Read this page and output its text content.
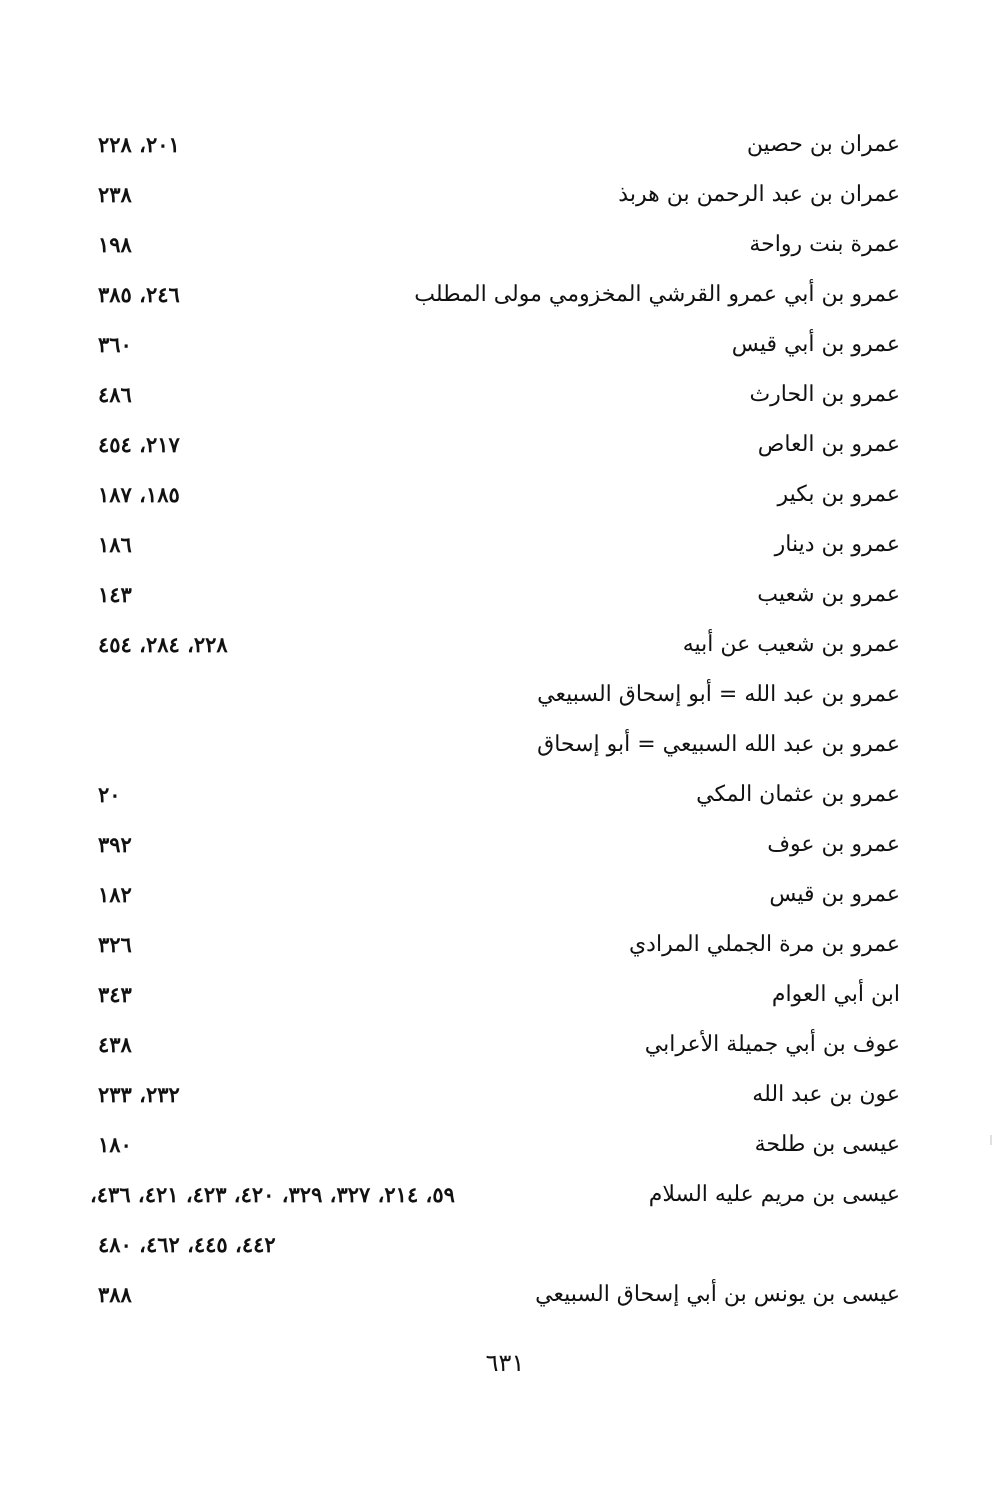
عمران بن حصين
٢٠١، ٢٢٨
عمران بن عبد الرحمن بن هربذ
٢٣٨
عمرة بنت رواحة
١٩٨
عمرو بن أبي عمرو القرشي المخزومي مولى المطلب
٢٤٦، ٣٨٥
عمرو بن أبي قيس
٣٦٠
عمرو بن الحارث
٤٨٦
عمرو بن العاص
٢١٧، ٤٥٤
عمرو بن بكير
١٨٥، ١٨٧
عمرو بن دينار
١٨٦
عمرو بن شعيب
١٤٣
عمرو بن شعيب عن أبيه
٢٢٨، ٢٨٤، ٤٥٤
عمرو بن عبد الله = أبو إسحاق السبيعي
عمرو بن عبد الله السبيعي = أبو إسحاق
عمرو بن عثمان المكي
٢٠
عمرو بن عوف
٣٩٢
عمرو بن قيس
١٨٢
عمرو بن مرة الجملي المرادي
٣٢٦
ابن أبي العوام
٣٤٣
عوف بن أبي جميلة الأعرابي
٤٣٨
عون بن عبد الله
٢٣٢، ٢٣٣
عيسى بن طلحة
١٨٠
عيسى بن مريم عليه السلام
٥٩، ٢١٤، ٣٢٧، ٣٢٩، ٤٢٠، ٤٢٣، ٤٢١، ٤٣٦،
٤٤٢، ٤٤٥، ٤٦٢، ٤٨٠
عيسى بن يونس بن أبي إسحاق السبيعي
٣٨٨
٦٣١
